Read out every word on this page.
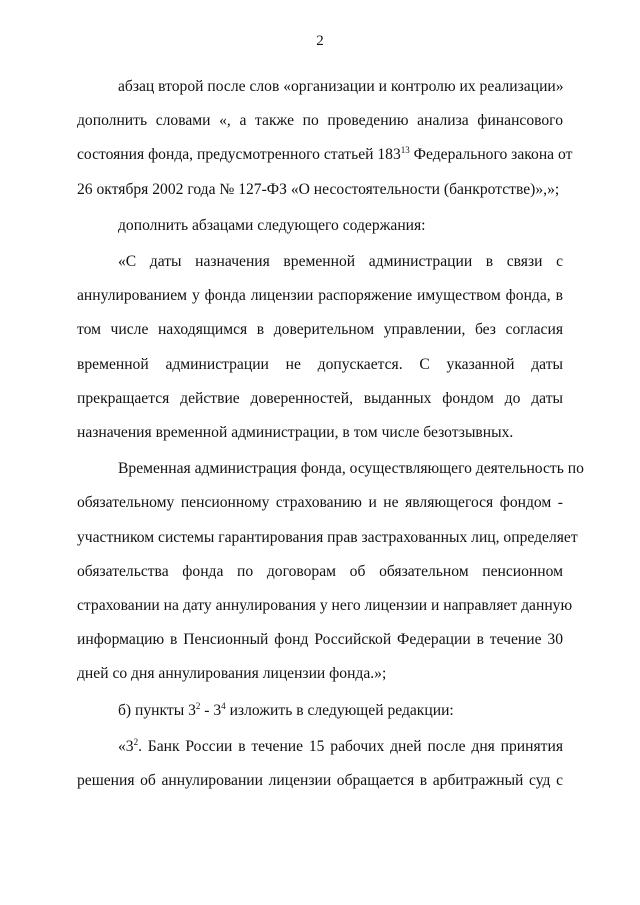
2

абзац второй после слов «организации и контролю их реализации»
дополнить словами «, а также по проведению анализа финансового
состояния фонда, предусмотренного статьей $183^{13}$ Федерального закона от
26 октября 2002 года № 127-ФЗ «О несостоятельности (банкротстве)»,»;

дополнить абзацами следующего содержания:

«С даты назначения временной администрации в связи с
аннулированием у фонда лицензии распоряжение имуществом фонда, в
том числе находящимся в доверительном управлении, без согласия
временной администрации не допускается. С указанной даты
прекращается действие доверенностей, выданных фондом до даты
назначения временной администрации, в том числе безотзывных.

Временная администрация фонда, осуществляющего деятельность по
обязательному пенсионному страхованию и не являющегося фондом -
участником системы гарантирования прав застрахованных лиц, определяет
обязательства фонда по договорам об обязательном пенсионном
страховании на дату аннулирования у него лицензии и направляет данную
информацию в Пенсионный фонд Российской Федерации в течение 30
дней со дня аннулирования лицензии фонда.»;

б) пункты $3^2 - 3^4$ изложить в следующей редакции:

«$3^2$. Банк России в течение 15 рабочих дней после дня принятия
решения об аннулировании лицензии обращается в арбитражный суд с
